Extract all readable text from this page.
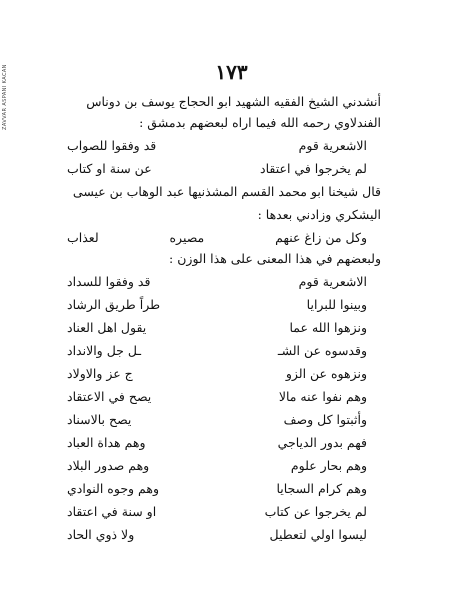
ZAVVAR ASPANI KACAN	١٧٣
أنشدني الشيخ الفقيه الشهيد ابو الحجاج يوسف بن دوناس
الفندلاوي رحمه الله فيما اراه لبعضهم بدمشق :
الاشعرية قوم
قد وفقوا للصواب
لم يخرجوا في اعتقاد
عن سنة او كتاب
قال شيخنا ابو محمد القسم المشذنيها عبد الوهاب بن عيسى
اليشكري وزادني بعدها :
وكل من زاغ عنهم
مصيره
لعذاب
ولبعضهم في هذا المعنى على هذا الوزن :
الاشعرية قوم
قد وفقوا للسداد
وبينوا للبرايا
طراً طريق الرشاد
ونزهوا الله عما
يقول اهل العناد
وقدسوه عن الشـ
ـل جل والانداد
ونزهوه عن الزو
ج عز والاولاد
وهم نفوا عنه مالا
يصح في الاعتقاد
وأثبتوا كل وصف
يصح بالاسناد
فهم بدور الدياجي
وهم هداة العباد
وهم بحار علوم
وهم صدور البلاد
وهم كرام السجايا
وهم وجوه النوادي
لم يخرجوا عن كتاب
او سنة في اعتقاد
ليسوا اولي لتعطيل
ولا ذوي الحاد
